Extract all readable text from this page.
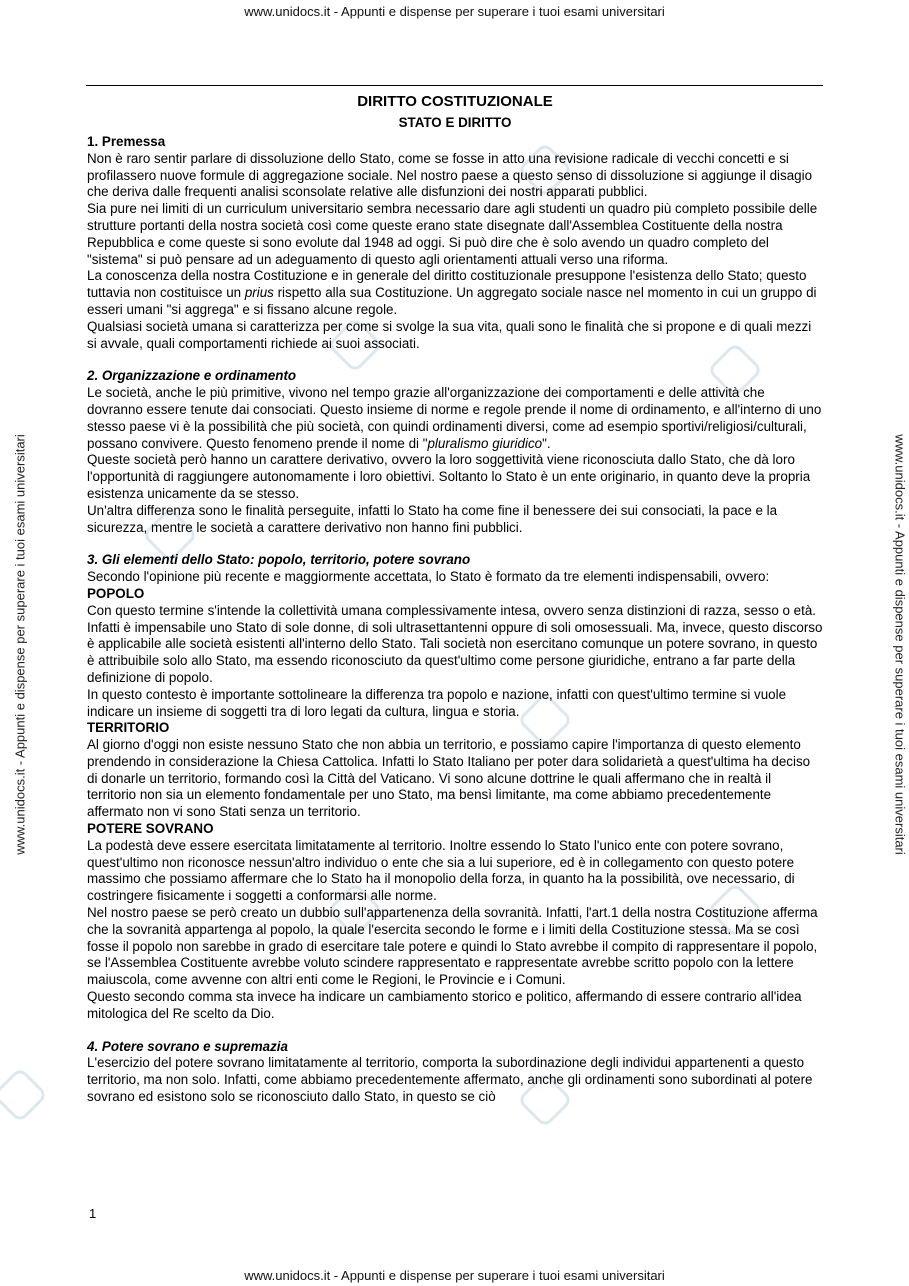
www.unidocs.it - Appunti e dispense per superare i tuoi esami universitari
www.unidocs.it - Appunti e dispense per superare i tuoi esami universitari
www.unidocs.it - Appunti e dispense per superare i tuoi esami universitari	www.unidocs.it - Appunti e dispense per superare i tuoi esami universitari

DIRITTO COSTITUZIONALE

STATO E DIRITTO

1. Premessa

Non è raro sentir parlare di dissoluzione dello Stato, come se fosse in atto una revisione radicale di vecchi concetti e si profilassero nuove formule di aggregazione sociale. Nel nostro paese a questo senso di dissoluzione si aggiunge il disagio che deriva dalle frequenti analisi sconsolate relative alle disfunzioni dei nostri apparati pubblici.

Sia pure nei limiti di un curriculum universitario sembra necessario dare agli studenti un quadro più completo possibile delle strutture portanti della nostra società così come queste erano state disegnate dall'Assemblea Costituente della nostra Repubblica e come queste si sono evolute dal 1948 ad oggi. Si può dire che è solo avendo un quadro completo del "sistema" si può pensare ad un adeguamento di questo agli orientamenti attuali verso una riforma.

La conoscenza della nostra Costituzione e in generale del diritto costituzionale presuppone l'esistenza dello Stato; questo tuttavia non costituisce un prius rispetto alla sua Costituzione. Un aggregato sociale nasce nel momento in cui un gruppo di esseri umani "si aggrega" e si fissano alcune regole.

Qualsiasi società umana si caratterizza per come si svolge la sua vita, quali sono le finalità che si propone e di quali mezzi si avvale, quali comportamenti richiede ai suoi associati.

2. Organizzazione e ordinamento

Le società, anche le più primitive, vivono nel tempo grazie all'organizzazione dei comportamenti e delle attività che dovranno essere tenute dai consociati. Questo insieme di norme e regole prende il nome di ordinamento, e all'interno di uno stesso paese vi è la possibilità che più società, con quindi ordinamenti diversi, come ad esempio sportivi/religiosi/culturali, possano convivere. Questo fenomeno prende il nome di "pluralismo giuridico".

Queste società però hanno un carattere derivativo, ovvero la loro soggettività viene riconosciuta dallo Stato, che dà loro l'opportunità di raggiungere autonomamente i loro obiettivi. Soltanto lo Stato è un ente originario, in quanto deve la propria esistenza unicamente da se stesso.

Un'altra differenza sono le finalità perseguite, infatti lo Stato ha come fine il benessere dei sui consociati, la pace e la sicurezza, mentre le società a carattere derivativo non hanno fini pubblici.

3. Gli elementi dello Stato: popolo, territorio, potere sovrano

Secondo l'opinione più recente e maggiormente accettata, lo Stato è formato da tre elementi indispensabili, ovvero:

POPOLO

Con questo termine s'intende la collettività umana complessivamente intesa, ovvero senza distinzioni di razza, sesso o età. Infatti è impensabile uno Stato di sole donne, di soli ultrasettantenni oppure di soli omosessuali. Ma, invece, questo discorso è applicabile alle società esistenti all'interno dello Stato. Tali società non esercitano comunque un potere sovrano, in questo è attribuibile solo allo Stato, ma essendo riconosciuto da quest'ultimo come persone giuridiche, entrano a far parte della definizione di popolo.

In questo contesto è importante sottolineare la differenza tra popolo e nazione, infatti con quest'ultimo termine si vuole indicare un insieme di soggetti tra di loro legati da cultura, lingua e storia.

TERRITORIO

Al giorno d'oggi non esiste nessuno Stato che non abbia un territorio, e possiamo capire l'importanza di questo elemento prendendo in considerazione la Chiesa Cattolica. Infatti lo Stato Italiano per poter dara solidarietà a quest'ultima ha deciso di donarle un territorio, formando così la Città del Vaticano. Vi sono alcune dottrine le quali affermano che in realtà il territorio non sia un elemento fondamentale per uno Stato, ma bensì limitante, ma come abbiamo precedentemente affermato non vi sono Stati senza un territorio.

POTERE SOVRANO

La podestà deve essere esercitata limitatamente al territorio. Inoltre essendo lo Stato l'unico ente con potere sovrano, quest'ultimo non riconosce nessun'altro individuo o ente che sia a lui superiore, ed è in collegamento con questo potere massimo che possiamo affermare che lo Stato ha il monopolio della forza, in quanto ha la possibilità, ove necessario, di costringere fisicamente i soggetti a conformarsi alle norme.

Nel nostro paese se però creato un dubbio sull'appartenenza della sovranità. Infatti, l'art.1 della nostra Costituzione afferma che la sovranità appartenga al popolo, la quale l'esercita secondo le forme e i limiti della Costituzione stessa. Ma se così fosse il popolo non sarebbe in grado di esercitare tale potere e quindi lo Stato avrebbe il compito di rappresentare il popolo, se l'Assemblea Costituente avrebbe voluto scindere rappresentato e rappresentate avrebbe scritto popolo con la lettere maiuscola, come avvenne con altri enti come le Regioni, le Provincie e i Comuni.

Questo secondo comma sta invece ha indicare un cambiamento storico e politico, affermando di essere contrario all'idea mitologica del Re scelto da Dio.

4. Potere sovrano e supremazia

L'esercizio del potere sovrano limitatamente al territorio, comporta la subordinazione degli individui appartenenti a questo territorio, ma non solo. Infatti, come abbiamo precedentemente affermato, anche gli ordinamenti sono subordinati al potere sovrano ed esistono solo se riconosciuto dallo Stato, in questo se ciò

1
